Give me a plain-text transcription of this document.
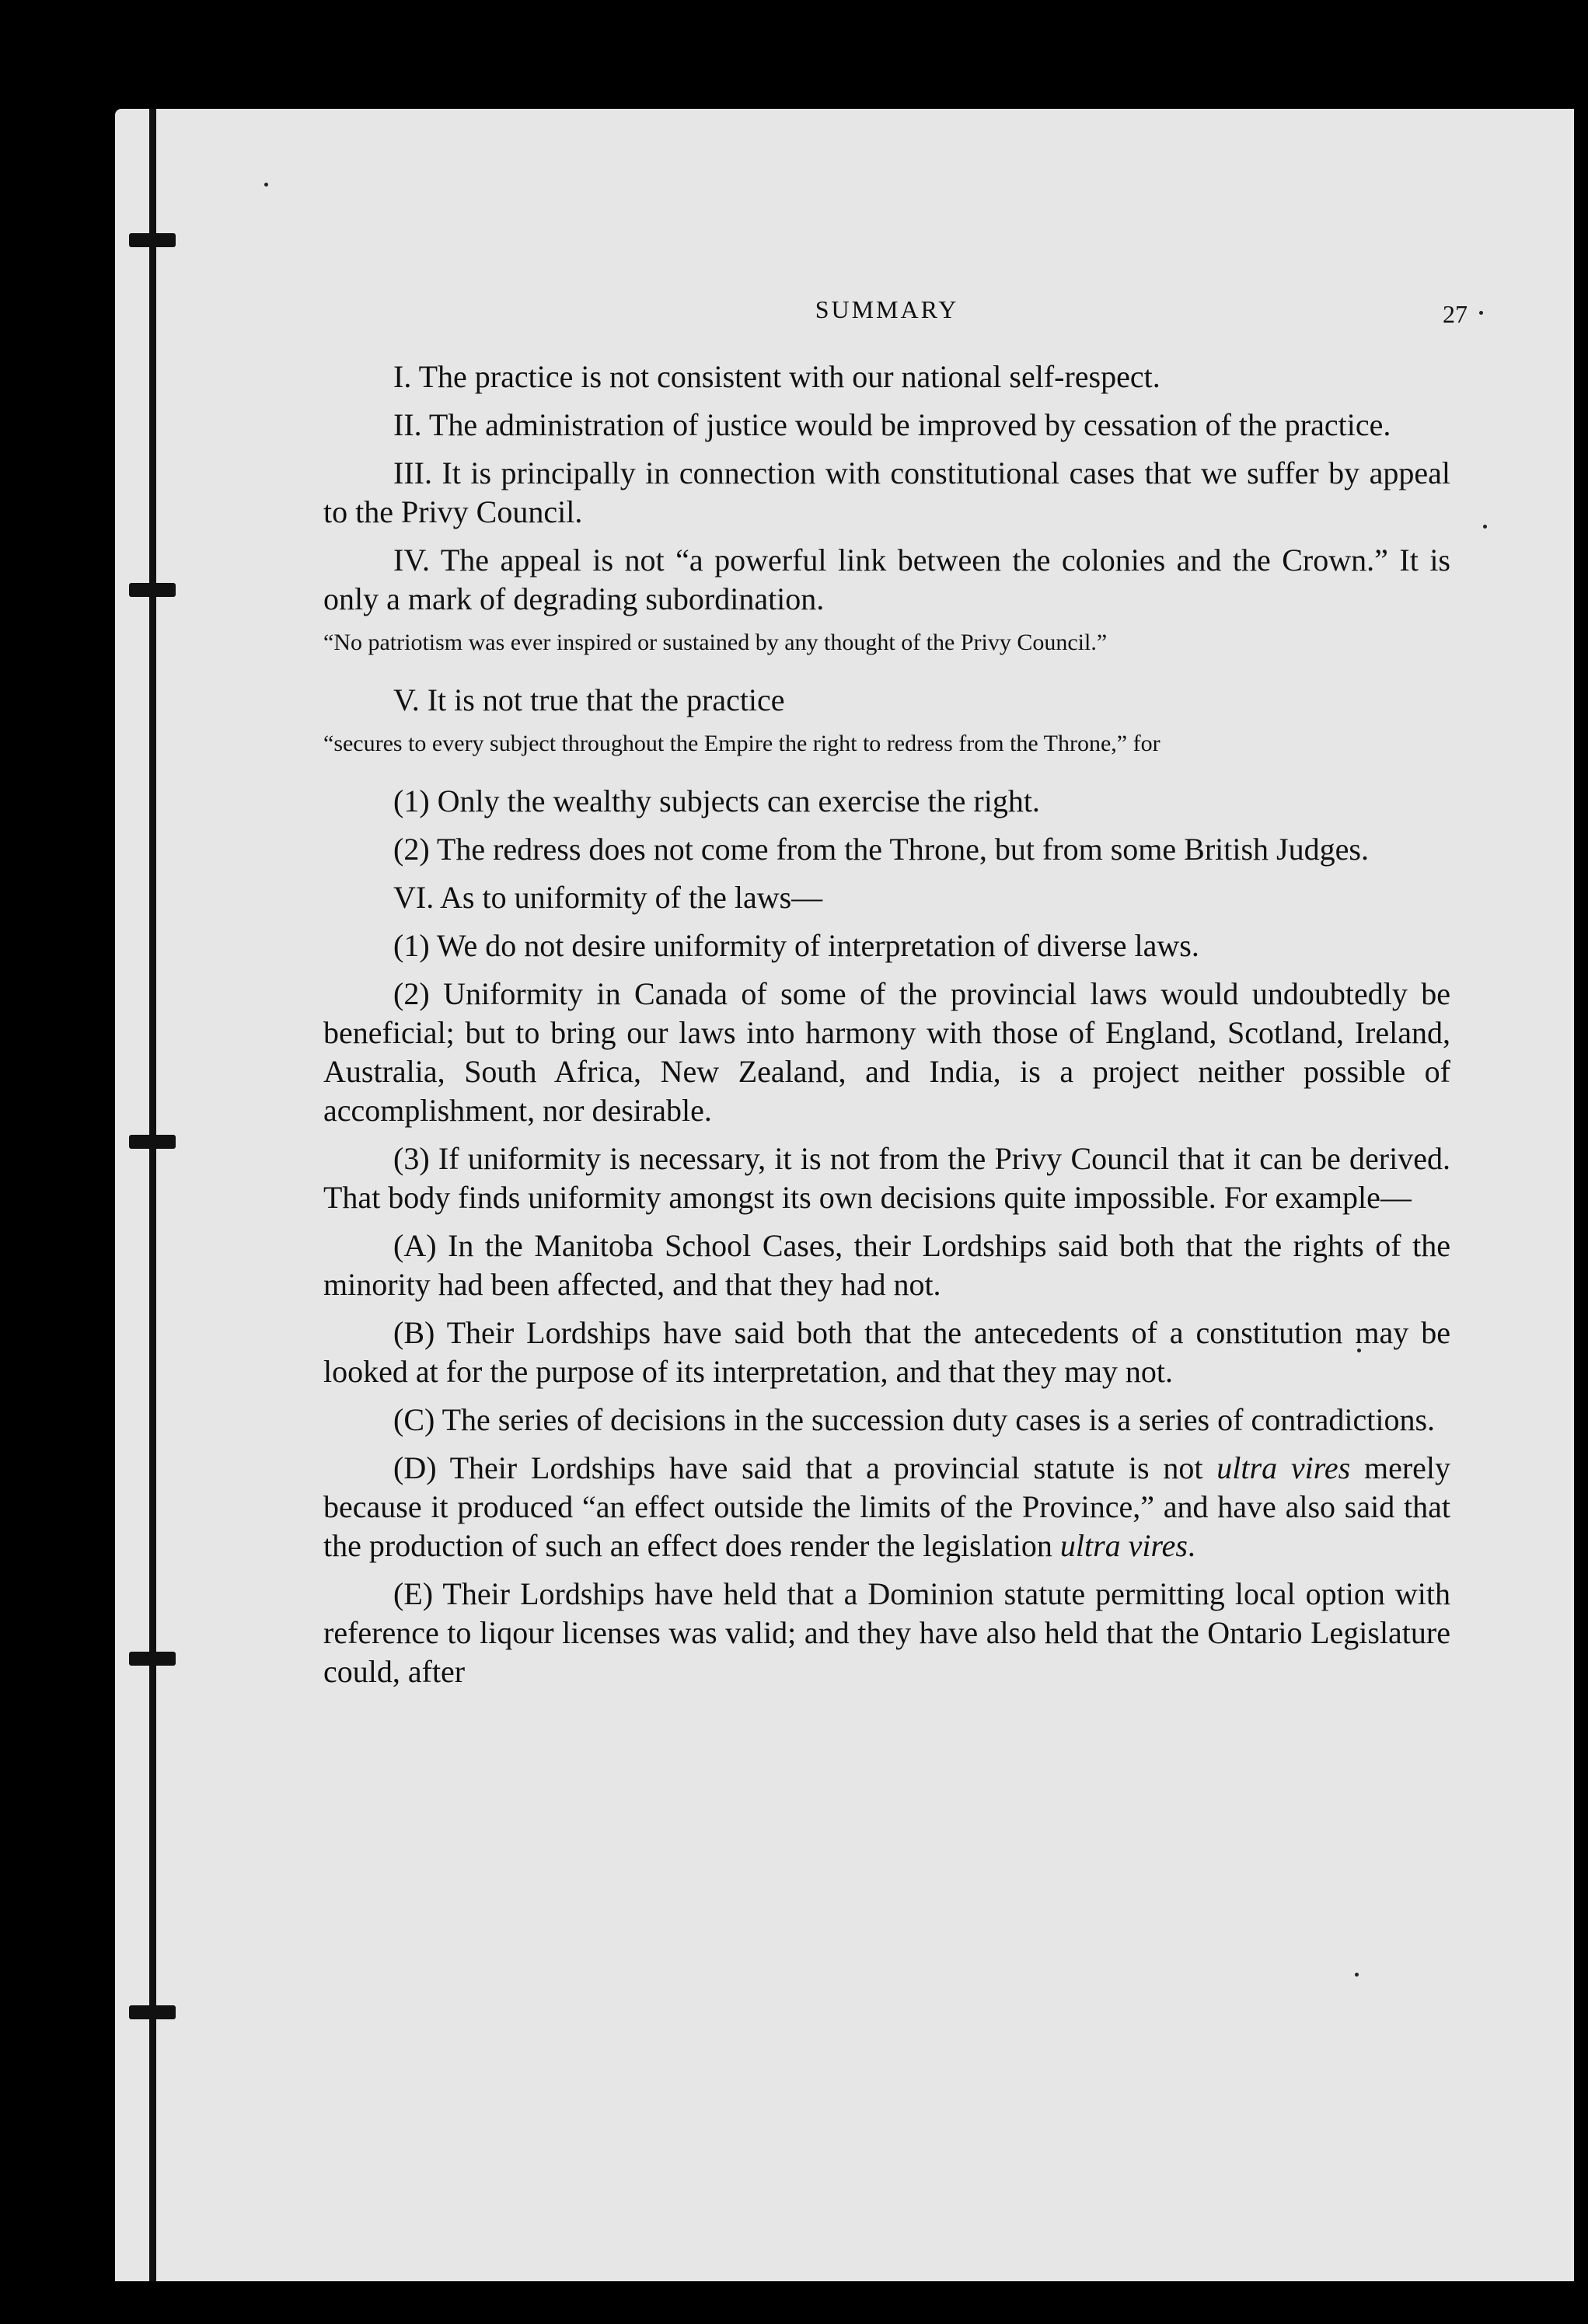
SUMMARY	27

I. The practice is not consistent with our national self-respect.

II. The administration of justice would be improved by cessation of the practice.

III. It is principally in connection with constitutional cases that we suffer by appeal to the Privy Council.

IV. The appeal is not “a powerful link between the colonies and the Crown.” It is only a mark of degrading subordination.

“No patriotism was ever inspired or sustained by any thought of the Privy Council.”

V. It is not true that the practice

“secures to every subject throughout the Empire the right to redress from the Throne,” for

(1) Only the wealthy subjects can exercise the right.

(2) The redress does not come from the Throne, but from some British Judges.

VI. As to uniformity of the laws—

(1) We do not desire uniformity of interpretation of diverse laws.

(2) Uniformity in Canada of some of the provincial laws would undoubtedly be beneficial; but to bring our laws into harmony with those of England, Scotland, Ireland, Australia, South Africa, New Zealand, and India, is a project neither possible of accomplishment, nor desirable.

(3) If uniformity is necessary, it is not from the Privy Council that it can be derived. That body finds uniformity amongst its own decisions quite impossible. For example—

(A) In the Manitoba School Cases, their Lordships said both that the rights of the minority had been affected, and that they had not.

(B) Their Lordships have said both that the antecedents of a constitution may be looked at for the purpose of its interpretation, and that they may not.

(C) The series of decisions in the succession duty cases is a series of contradictions.

(D) Their Lordships have said that a provincial statute is not ultra vires merely because it produced “an effect outside the limits of the Province,” and have also said that the production of such an effect does render the legislation ultra vires.

(E) Their Lordships have held that a Dominion statute permitting local option with reference to liqour licenses was valid; and they have also held that the Ontario Legislature could, after
